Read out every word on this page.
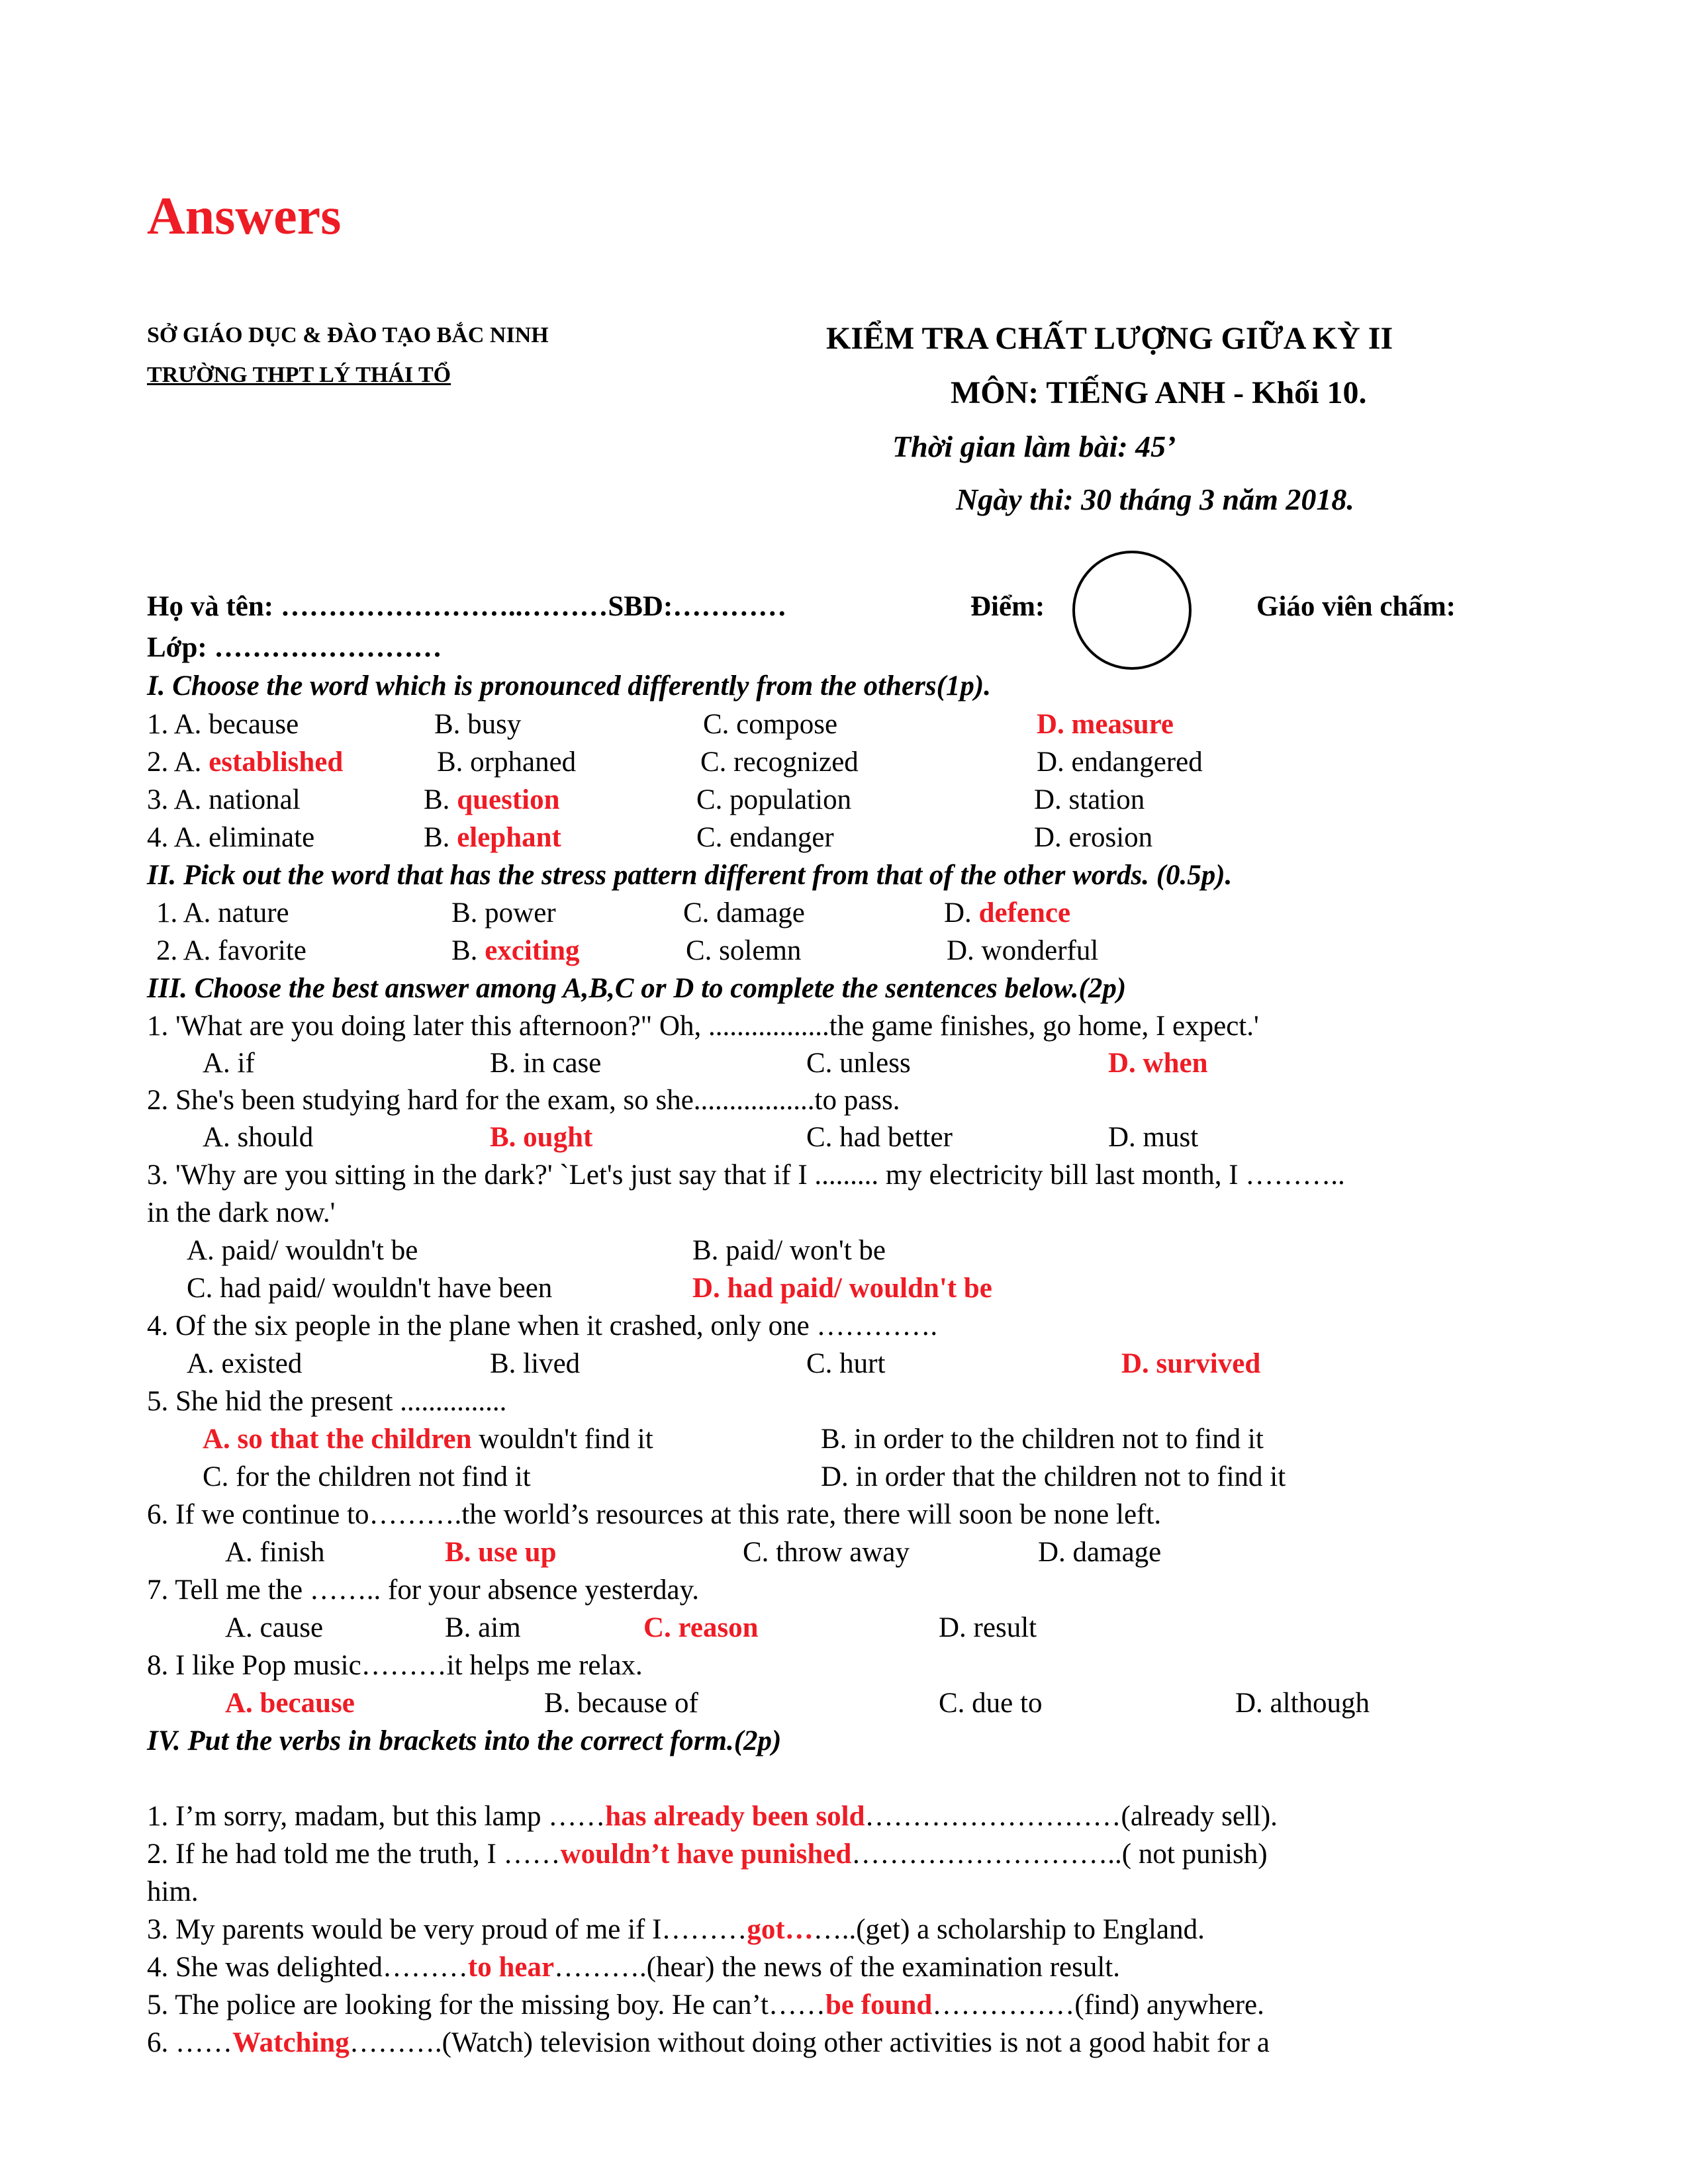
Answers
SỞ GIÁO DỤC & ĐÀO TẠO BẮC NINH
TRƯỜNG THPT LÝ THÁI TỔ
KIỂM TRA CHẤT LƯỢNG GIỮA KỲ II
MÔN: TIẾNG ANH - Khối 10.
Thời gian làm bài: 45’
Ngày thi: 30 tháng 3 năm 2018.
Họ và tên: ……………………..………SBD:…………	Điểm:	Giáo viên chấm:
Lớp: ……………………
I. Choose the word which is pronounced differently from the others(1p).
1. A. because	B. busy	C. compose	D. measure
2. A. established	B. orphaned	C. recognized	D. endangered
3. A. national	B. question	C. population	D. station
4. A. eliminate	B. elephant	C. endanger	D. erosion
II. Pick out the word that has the stress pattern different from that of the other words. (0.5p).
1. A. nature	B. power	C. damage	D. defence
2. A. favorite	B. exciting	C. solemn	D. wonderful
III. Choose the best answer among A,B,C or D to complete the sentences below.(2p)
1. 'What are you doing later this afternoon?" Oh, .................the game finishes, go home, I expect.'
A. if	B. in case	C. unless	D. when
2. She's been studying hard for the exam, so she.................to pass.
A. should	B. ought	C. had better	D. must
3. 'Why are you sitting in the dark?' `Let's just say that if I ......... my electricity bill last month, I ………..
in the dark now.'
A. paid/ wouldn't be	B. paid/ won't be
C. had paid/ wouldn't have been	D. had paid/ wouldn't be
4. Of the six people in the plane when it crashed, only one ………….
A. existed	B. lived	C. hurt	D. survived
5. She hid the present ...............
A. so that the children wouldn't find it	B. in order to the children not to find it
C. for the children not find it	D. in order that the children not to find it
6. If we continue to……….the world’s resources at this rate, there will soon be none left.
A. finish	B. use up	C. throw away	D. damage
7. Tell me the …….. for your absence yesterday.
A. cause	B. aim	C. reason	D. result
8. I like Pop music………it helps me relax.
A. because	B. because of	C. due to	D. although
IV. Put the verbs in brackets into the correct form.(2p)
1. I’m sorry, madam, but this lamp ……has already been sold………………………(already sell).
2. If he had told me the truth, I ……wouldn’t have punished………………………..( not punish)
him.
3. My parents would be very proud of me if I………got……..(get) a scholarship to England.
4. She was delighted………to hear……….(hear) the news of the examination result.
5. The police are looking for the missing boy. He can’t……be found……………(find) anywhere.
6. ……Watching……….(Watch) television without doing other activities is not a good habit for a
